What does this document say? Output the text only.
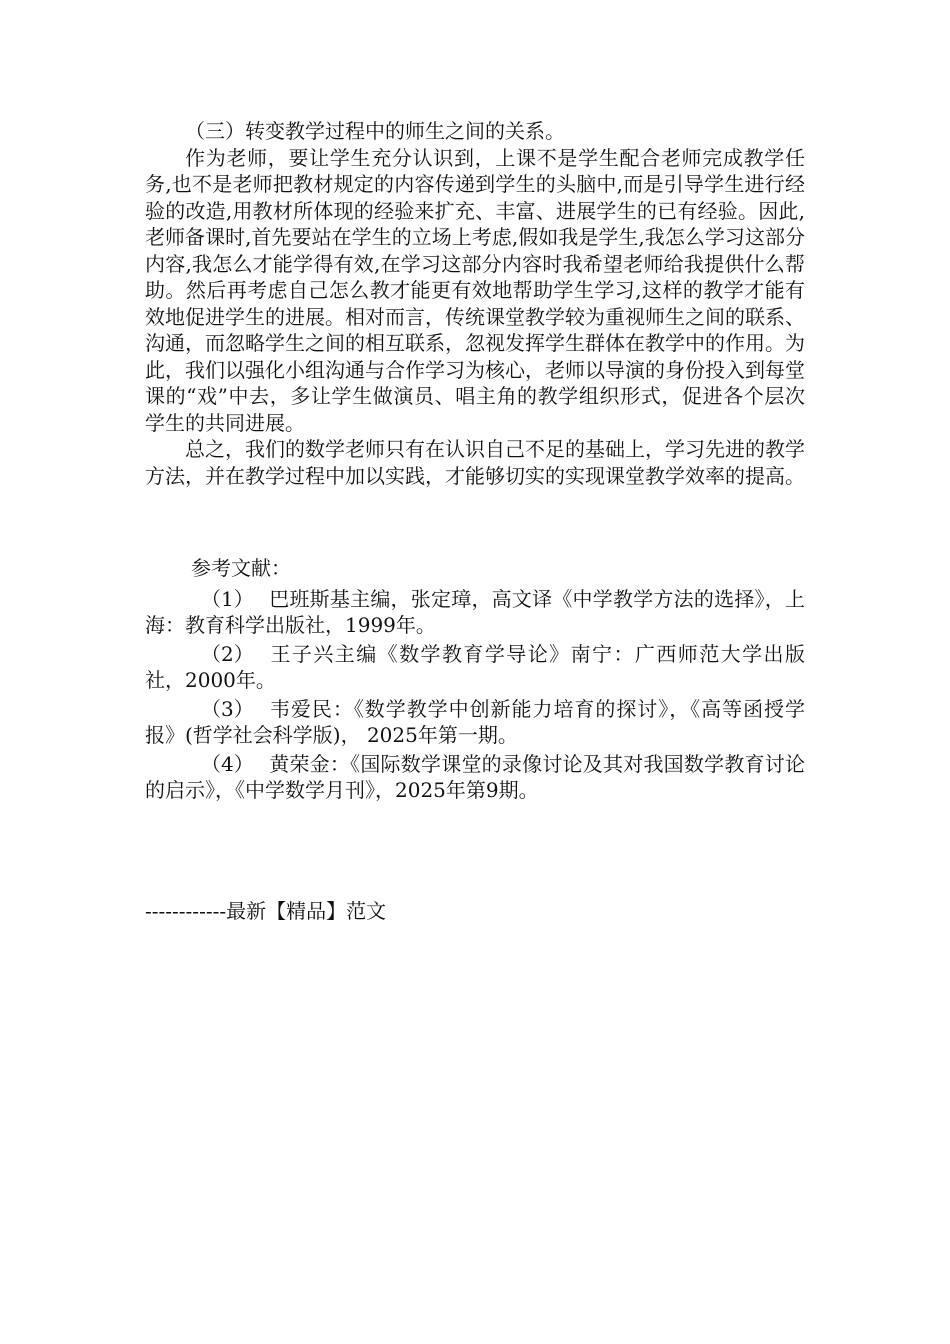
（三）转变教学过程中的师生之间的关系。

作为老师，要让学生充分认识到，上课不是学生配合老师完成教学任务,也不是老师把教材规定的内容传递到学生的头脑中,而是引导学生进行经验的改造,用教材所体现的经验来扩充、丰富、进展学生的已有经验。因此,老师备课时,首先要站在学生的立场上考虑,假如我是学生,我怎么学习这部分内容,我怎么才能学得有效,在学习这部分内容时我希望老师给我提供什么帮助。然后再考虑自己怎么教才能更有效地帮助学生学习,这样的教学才能有效地促进学生的进展。相对而言，传统课堂教学较为重视师生之间的联系、沟通，而忽略学生之间的相互联系，忽视发挥学生群体在教学中的作用。为此，我们以强化小组沟通与合作学习为核心，老师以导演的身份投入到每堂课的“戏”中去，多让学生做演员、唱主角的教学组织形式，促进各个层次学生的共同进展。

总之，我们的数学老师只有在认识自己不足的基础上，学习先进的教学方法，并在教学过程中加以实践，才能够切实的实现课堂教学效率的提高。

参考文献：

（1） 巴班斯基主编，张定璋，高文译《中学教学方法的选择》，上海：教育科学出版社，1999年。

（2） 王子兴主编《数学教育学导论》南宁：广西师范大学出版社，2000年。

（3） 韦爱民：《数学教学中创新能力培育的探讨》，《高等函授学报》(哲学社会科学版)， 2025年第一期。

（4） 黄荣金：《国际数学课堂的录像讨论及其对我国数学教育讨论的启示》，《中学数学月刊》，2025年第9期。

------------最新【精品】范文
